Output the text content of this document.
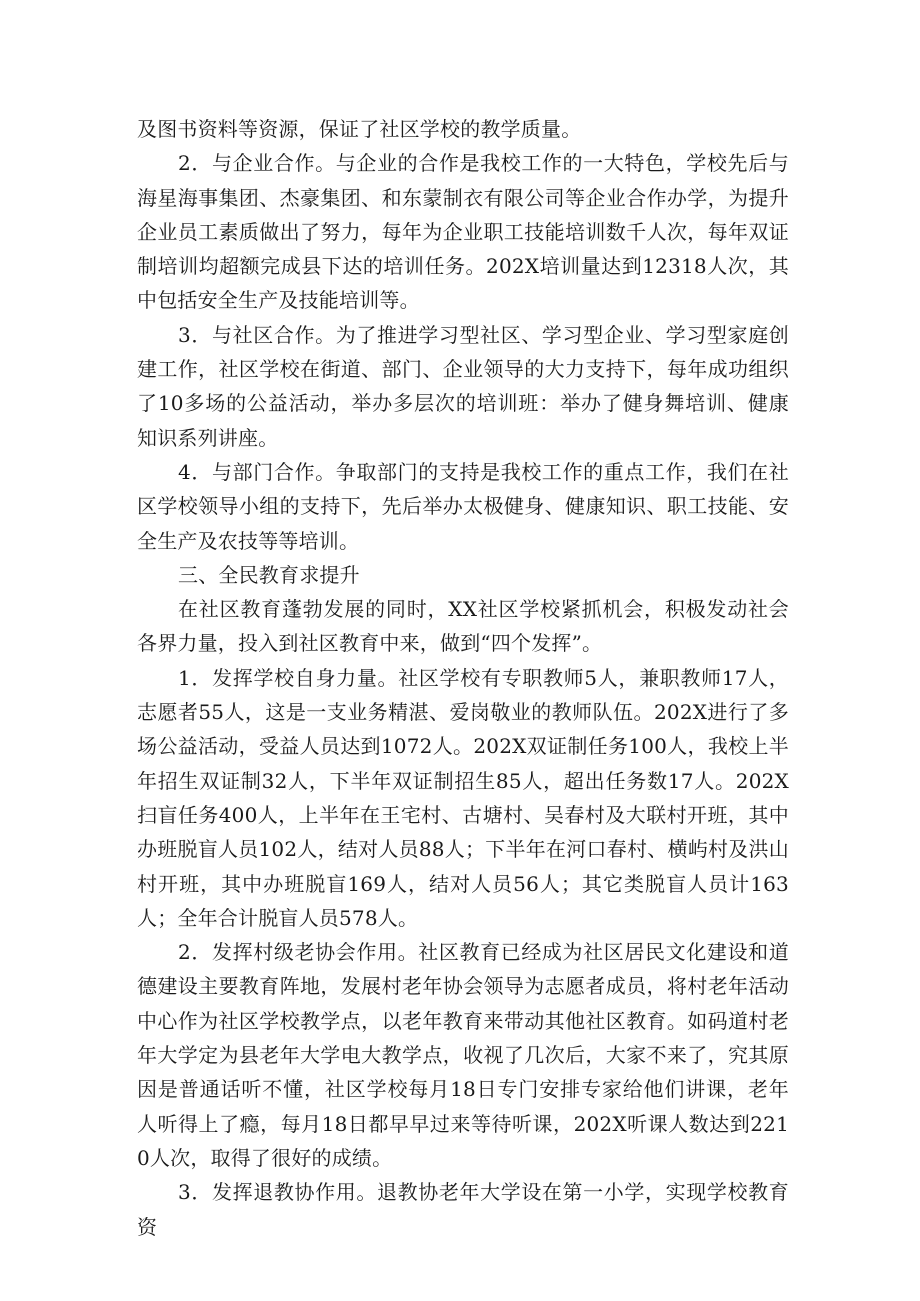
及图书资料等资源，保证了社区学校的教学质量。

2．与企业合作。与企业的合作是我校工作的一大特色，学校先后与海星海事集团、杰豪集团、和东蒙制衣有限公司等企业合作办学，为提升企业员工素质做出了努力，每年为企业职工技能培训数千人次，每年双证制培训均超额完成县下达的培训任务。202X培训量达到12318人次，其中包括安全生产及技能培训等。

3．与社区合作。为了推进学习型社区、学习型企业、学习型家庭创建工作，社区学校在街道、部门、企业领导的大力支持下，每年成功组织了10多场的公益活动，举办多层次的培训班：举办了健身舞培训、健康知识系列讲座。

4．与部门合作。争取部门的支持是我校工作的重点工作，我们在社区学校领导小组的支持下，先后举办太极健身、健康知识、职工技能、安全生产及农技等等培训。

三、全民教育求提升

在社区教育蓬勃发展的同时，XX社区学校紧抓机会，积极发动社会各界力量，投入到社区教育中来，做到“四个发挥”。

1．发挥学校自身力量。社区学校有专职教师5人，兼职教师17人，志愿者55人，这是一支业务精湛、爱岗敬业的教师队伍。202X进行了多场公益活动，受益人员达到1072人。202X双证制任务100人，我校上半年招生双证制32人，下半年双证制招生85人，超出任务数17人。202X扫盲任务400人，上半年在王宅村、古塘村、吴春村及大联村开班，其中办班脱盲人员102人，结对人员88人；下半年在河口春村、横屿村及洪山村开班，其中办班脱盲169人，结对人员56人；其它类脱盲人员计163人；全年合计脱盲人员578人。

2．发挥村级老协会作用。社区教育已经成为社区居民文化建设和道德建设主要教育阵地，发展村老年协会领导为志愿者成员，将村老年活动中心作为社区学校教学点，以老年教育来带动其他社区教育。如码道村老年大学定为县老年大学电大教学点，收视了几次后，大家不来了，究其原因是普通话听不懂，社区学校每月18日专门安排专家给他们讲课，老年人听得上了瘾，每月18日都早早过来等待听课，202X听课人数达到2210人次，取得了很好的成绩。

3．发挥退教协作用。退教协老年大学设在第一小学，实现学校教育资
